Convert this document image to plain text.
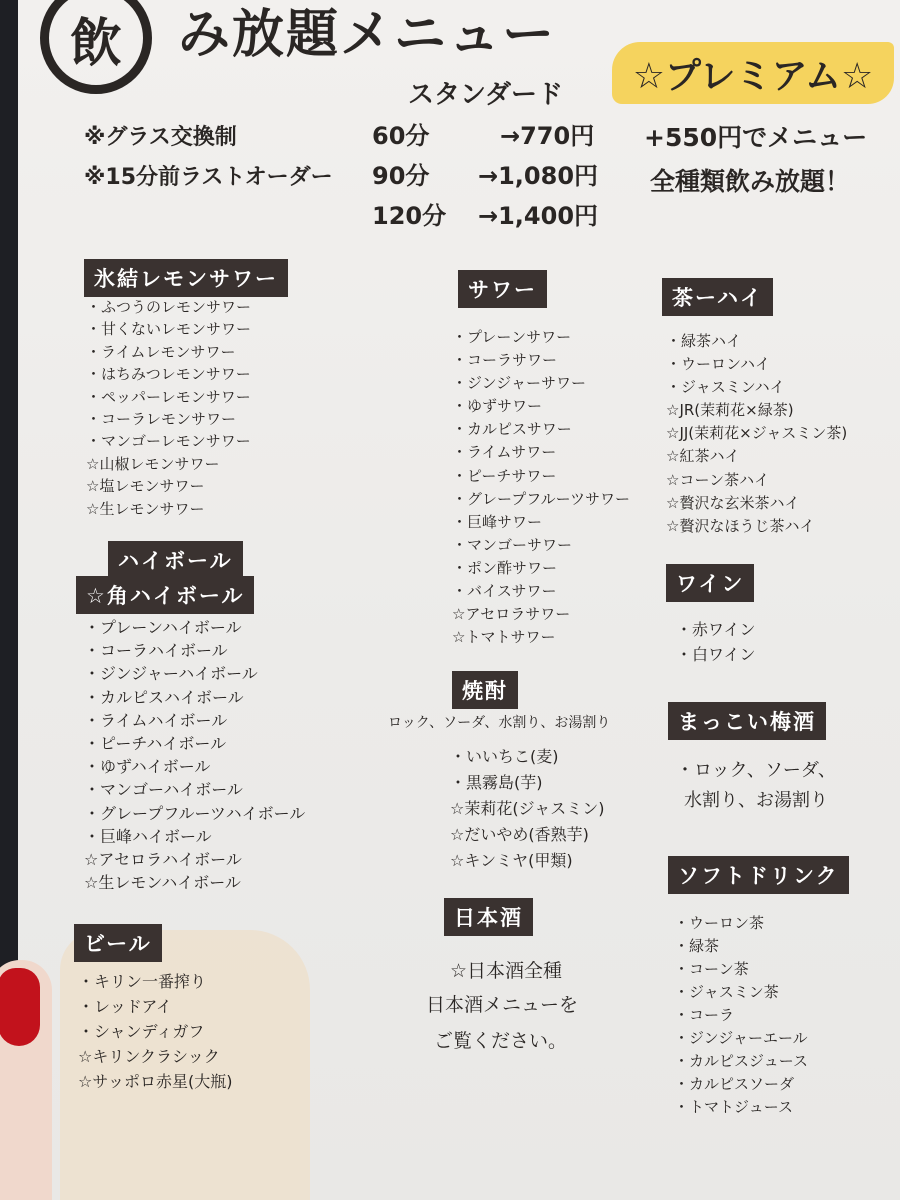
飲	み放題メニュー
☆プレミアム☆
スタンダード
※グラス交換制
※15分前ラストオーダー
60分	→770円
90分 →1,080円
120分 →1,400円
+550円でメニュー
全種類飲み放題！
氷結レモンサワー
・ふつうのレモンサワー
・甘くないレモンサワー
・ライムレモンサワー
・はちみつレモンサワー
・ペッパーレモンサワー
・コーラレモンサワー
・マンゴーレモンサワー
☆山椒レモンサワー
☆塩レモンサワー
☆生レモンサワー
ハイボール
☆角ハイボール
・プレーンハイボール
・コーラハイボール
・ジンジャーハイボール
・カルピスハイボール
・ライムハイボール
・ピーチハイボール
・ゆずハイボール
・マンゴーハイボール
・グレープフルーツハイボール
・巨峰ハイボール
☆アセロラハイボール
☆生レモンハイボール
ビール
・キリン一番搾り
・レッドアイ
・シャンディガフ
☆キリンクラシック
☆サッポロ赤星(大瓶)
サワー
・プレーンサワー
・コーラサワー
・ジンジャーサワー
・ゆずサワー
・カルピスサワー
・ライムサワー
・ピーチサワー
・グレープフルーツサワー
・巨峰サワー
・マンゴーサワー
・ポン酢サワー
・バイスサワー
☆アセロラサワー
☆トマトサワー
焼酎
ロック、ソーダ、水割り、お湯割り
・いいちこ(麦)
・黒霧島(芋)
☆茉莉花(ジャスミン)
☆だいやめ(香熟芋)
☆キンミヤ(甲類)
日本酒
☆日本酒全種
日本酒メニューを
ご覧ください。
茶ーハイ
・緑茶ハイ
・ウーロンハイ
・ジャスミンハイ
☆JR(茉莉花×緑茶)
☆JJ(茉莉花×ジャスミン茶)
☆紅茶ハイ
☆コーン茶ハイ
☆贅沢な玄米茶ハイ
☆贅沢なほうじ茶ハイ
ワイン
・赤ワイン
・白ワイン
まっこい梅酒
・ロック、ソーダ、
水割り、お湯割り
ソフトドリンク
・ウーロン茶
・緑茶
・コーン茶
・ジャスミン茶
・コーラ
・ジンジャーエール
・カルピスジュース
・カルピスソーダ
・トマトジュース
